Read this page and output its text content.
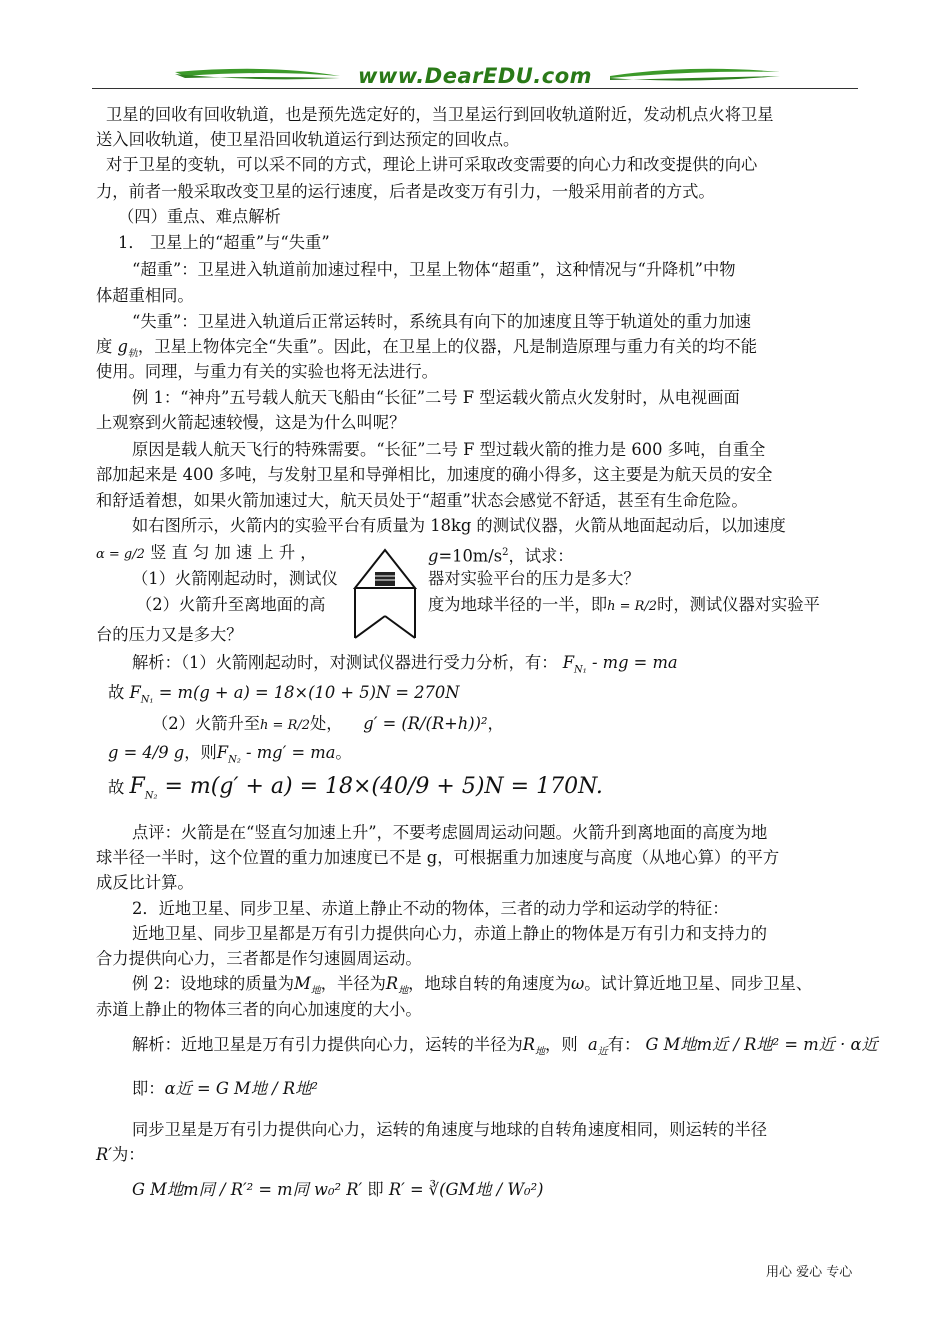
www.DearEDU.com
卫星的回收有回收轨道，也是预先选定好的，当卫星运行到回收轨道附近，发动机点火将卫星
送入回收轨道，使卫星沿回收轨道运行到达预定的回收点。
对于卫星的变轨，可以采不同的方式，理论上讲可采取改变需要的向心力和改变提供的向心
力，前者一般采取改变卫星的运行速度，后者是改变万有引力，一般采用前者的方式。
（四）重点、难点解析
1． 卫星上的“超重”与“失重”
“超重”：卫星进入轨道前加速过程中，卫星上物体“超重”，这种情况与“升降机”中物
体超重相同。
“失重”：卫星进入轨道后正常运转时，系统具有向下的加速度且等于轨道处的重力加速
度 $g_轨$，卫星上物体完全“失重”。因此，在卫星上的仪器，凡是制造原理与重力有关的均不能
使用。同理，与重力有关的实验也将无法进行。
例 1：“神舟”五号载人航天飞船由“长征”二号 F 型运载火箭点火发射时，从电视画面
上观察到火箭起速较慢，这是为什么叫呢？
原因是载人航天飞行的特殊需要。“长征”二号 F 型过载火箭的推力是 600 多吨，自重全
部加起来是 400 多吨，与发射卫星和导弹相比，加速度的确小得多，这主要是为航天员的安全
和舒适着想，如果火箭加速过大，航天员处于“超重”状态会感觉不舒适，甚至有生命危险。
如右图所示，火箭内的实验平台有质量为 18kg 的测试仪器，火箭从地面起动后，以加速度
α = g/2 竖 直 匀 加 速 上 升 ，	$g=10m/s^2$，试求：
（1）火箭刚起动时，测试仪	器对实验平台的压力是多大？
（2）火箭升至离地面的高	度为地球半径的一半，即h = R/2时，测试仪器对实验平
台的压力又是多大？
解析：（1）火箭刚起动时，对测试仪器进行受力分析，有： $F_{N_1}$ - mg = ma
故 $F_{N_1} = m(g + a) = 18\times(10 + 5)N = 270N$
（2）火箭升至h = R/2处， g′ = (R/(R+h))²，
g = 4/9 g，则$F_{N_2} - mg'$ = ma。
故 $F_{N_2} = m(g' + a) = 18\times(40/9 + 5)N = 170N$.
点评：火箭是在“竖直匀加速上升”，不要考虑圆周运动问题。火箭升到离地面的高度为地
球半径一半时，这个位置的重力加速度已不是 g，可根据重力加速度与高度（从地心算）的平方
成反比计算。
2．近地卫星、同步卫星、赤道上静止不动的物体，三者的动力学和运动学的特征：
近地卫星、同步卫星都是万有引力提供向心力，赤道上静止的物体是万有引力和支持力的
合力提供向心力，三者都是作匀速圆周运动。
例 2：设地球的质量为$M_地$，半径为$R_地$，地球自转的角速度为ω。试计算近地卫星、同步卫星、
赤道上静止的物体三者的向心加速度的大小。
解析：近地卫星是万有引力提供向心力，运转的半径为$R_地$，则 $a_近$有： G M地m近 / R地² = m近 · α近
即：α近 = G M地 / R地²
同步卫星是万有引力提供向心力，运转的角速度与地球的自转角速度相同，则运转的半径
R′为：
G M地m同 / R′² = m同 w₀² R′ 即 R′ = ∛(GM地 / W₀²)
用心 爱心 专心
